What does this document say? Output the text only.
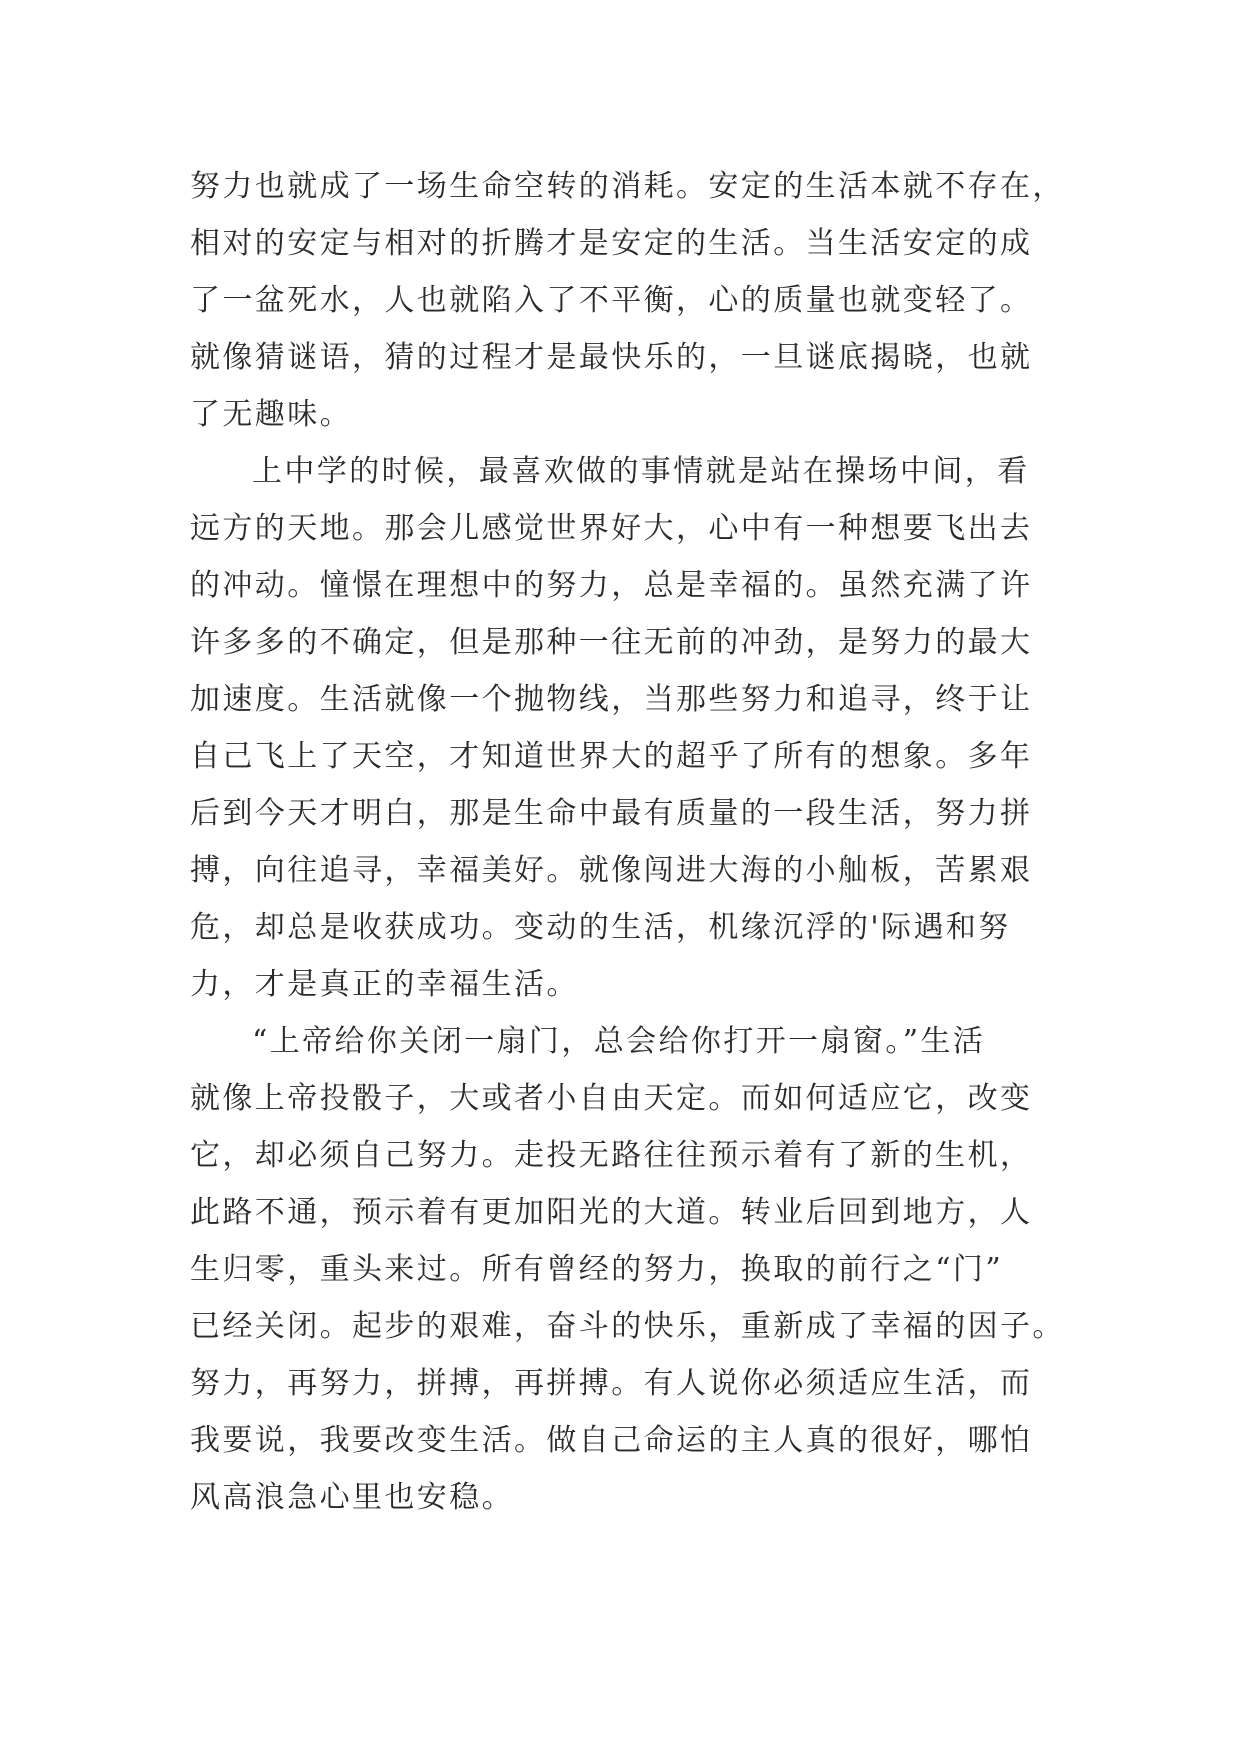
努力也就成了一场生命空转的消耗。安定的生活本就不存在，
相对的安定与相对的折腾才是安定的生活。当生活安定的成
了一盆死水，人也就陷入了不平衡，心的质量也就变轻了。
就像猜谜语，猜的过程才是最快乐的，一旦谜底揭晓，也就
了无趣味。
上中学的时候，最喜欢做的事情就是站在操场中间，看
远方的天地。那会儿感觉世界好大，心中有一种想要飞出去
的冲动。憧憬在理想中的努力，总是幸福的。虽然充满了许
许多多的不确定，但是那种一往无前的冲劲，是努力的最大
加速度。生活就像一个抛物线，当那些努力和追寻，终于让
自己飞上了天空，才知道世界大的超乎了所有的想象。多年
后到今天才明白，那是生命中最有质量的一段生活，努力拼
搏，向往追寻，幸福美好。就像闯进大海的小舢板，苦累艰
危，却总是收获成功。变动的生活，机缘沉浮的'际遇和努
力，才是真正的幸福生活。
“上帝给你关闭一扇门，总会给你打开一扇窗。”生活
就像上帝投骰子，大或者小自由天定。而如何适应它，改变
它，却必须自己努力。走投无路往往预示着有了新的生机，
此路不通，预示着有更加阳光的大道。转业后回到地方，人
生归零，重头来过。所有曾经的努力，换取的前行之“门”
已经关闭。起步的艰难，奋斗的快乐，重新成了幸福的因子。
努力，再努力，拼搏，再拼搏。有人说你必须适应生活，而
我要说，我要改变生活。做自己命运的主人真的很好，哪怕
风高浪急心里也安稳。
